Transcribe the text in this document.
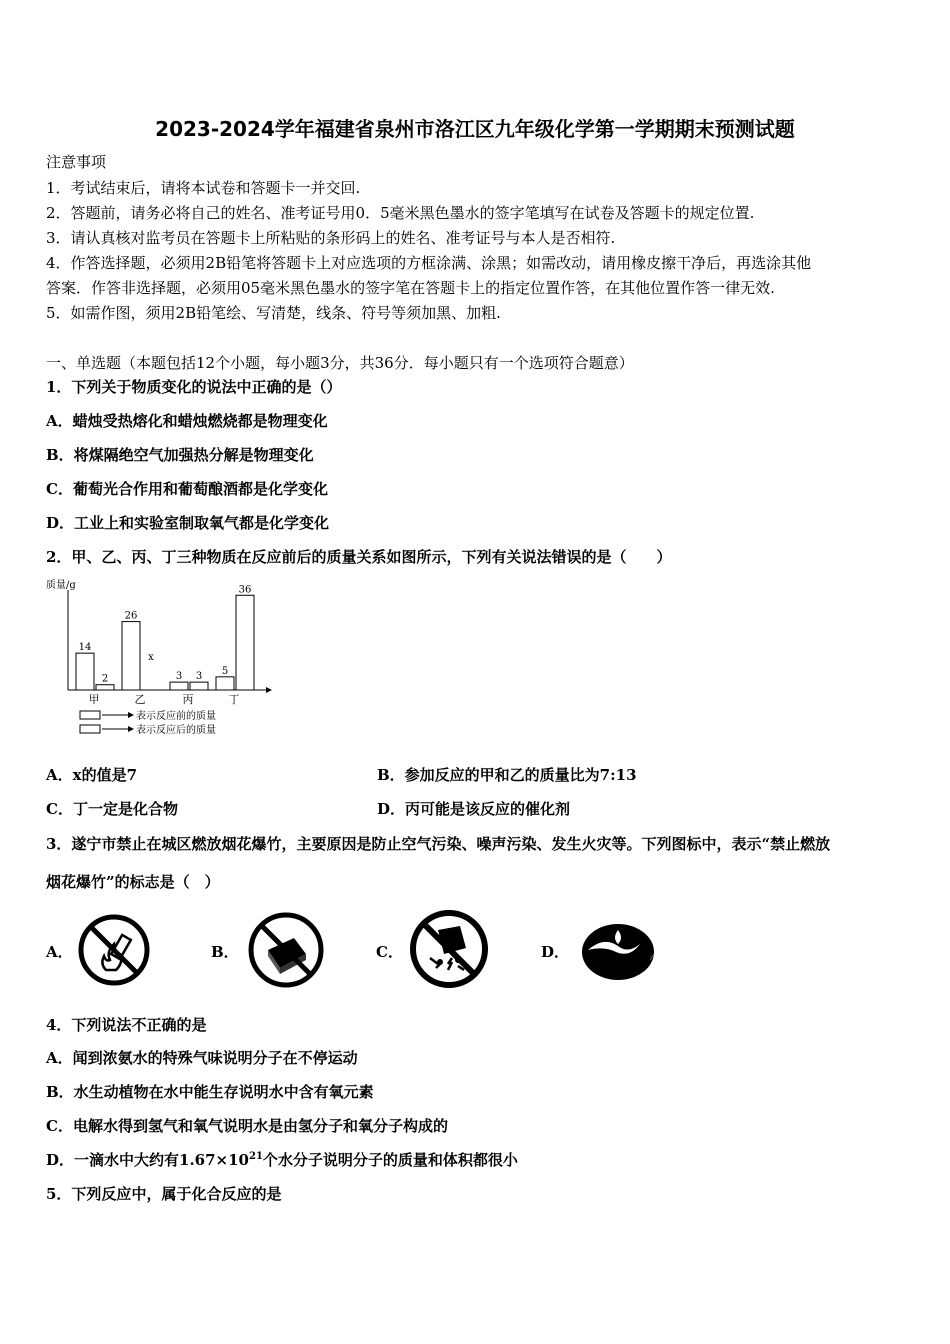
2023-2024学年福建省泉州市洛江区九年级化学第一学期期末预测试题
注意事项
1．考试结束后，请将本试卷和答题卡一并交回.
2．答题前，请务必将自己的姓名、准考证号用0．5毫米黑色墨水的签字笔填写在试卷及答题卡的规定位置.
3．请认真核对监考员在答题卡上所粘贴的条形码上的姓名、准考证号与本人是否相符.
4．作答选择题，必须用2B铅笔将答题卡上对应选项的方框涂满、涂黑；如需改动，请用橡皮擦干净后，再选涂其他
答案．作答非选择题，必须用05毫米黑色墨水的签字笔在答题卡上的指定位置作答，在其他位置作答一律无效.
5．如需作图，须用2B铅笔绘、写清楚，线条、符号等须加黑、加粗.
一、单选题（本题包括12个小题，每小题3分，共36分．每小题只有一个选项符合题意）
1．下列关于物质变化的说法中正确的是（）
A．蜡烛受热熔化和蜡烛燃烧都是物理变化
B．将煤隔绝空气加强热分解是物理变化
C．葡萄光合作用和葡萄酿酒都是化学变化
D．工业上和实验室制取氧气都是化学变化
2．甲、乙、丙、丁三种物质在反应前后的质量关系如图所示，下列有关说法错误的是（　　）
质量/g
14
2
26
x
3 3 5
36
甲	乙	丙	丁
表示反应前的质量
表示反应后的质量
A．x的值是7	B．参加反应的甲和乙的质量比为7:13
C．丁一定是化合物	D．丙可能是该反应的催化剂
3．遂宁市禁止在城区燃放烟花爆竹，主要原因是防止空气污染、噪声污染、发生火灾等。下列图标中，表示“禁止燃放
烟花爆竹”的标志是（　）
A．	B．	C．	D．
4．下列说法不正确的是
A．闻到浓氨水的特殊气味说明分子在不停运动
B．水生动植物在水中能生存说明水中含有氧元素
C．电解水得到氢气和氧气说明水是由氢分子和氧分子构成的
D．一滴水中大约有$1.67\times 10^{21}$个水分子说明分子的质量和体积都很小
5．下列反应中，属于化合反应的是
